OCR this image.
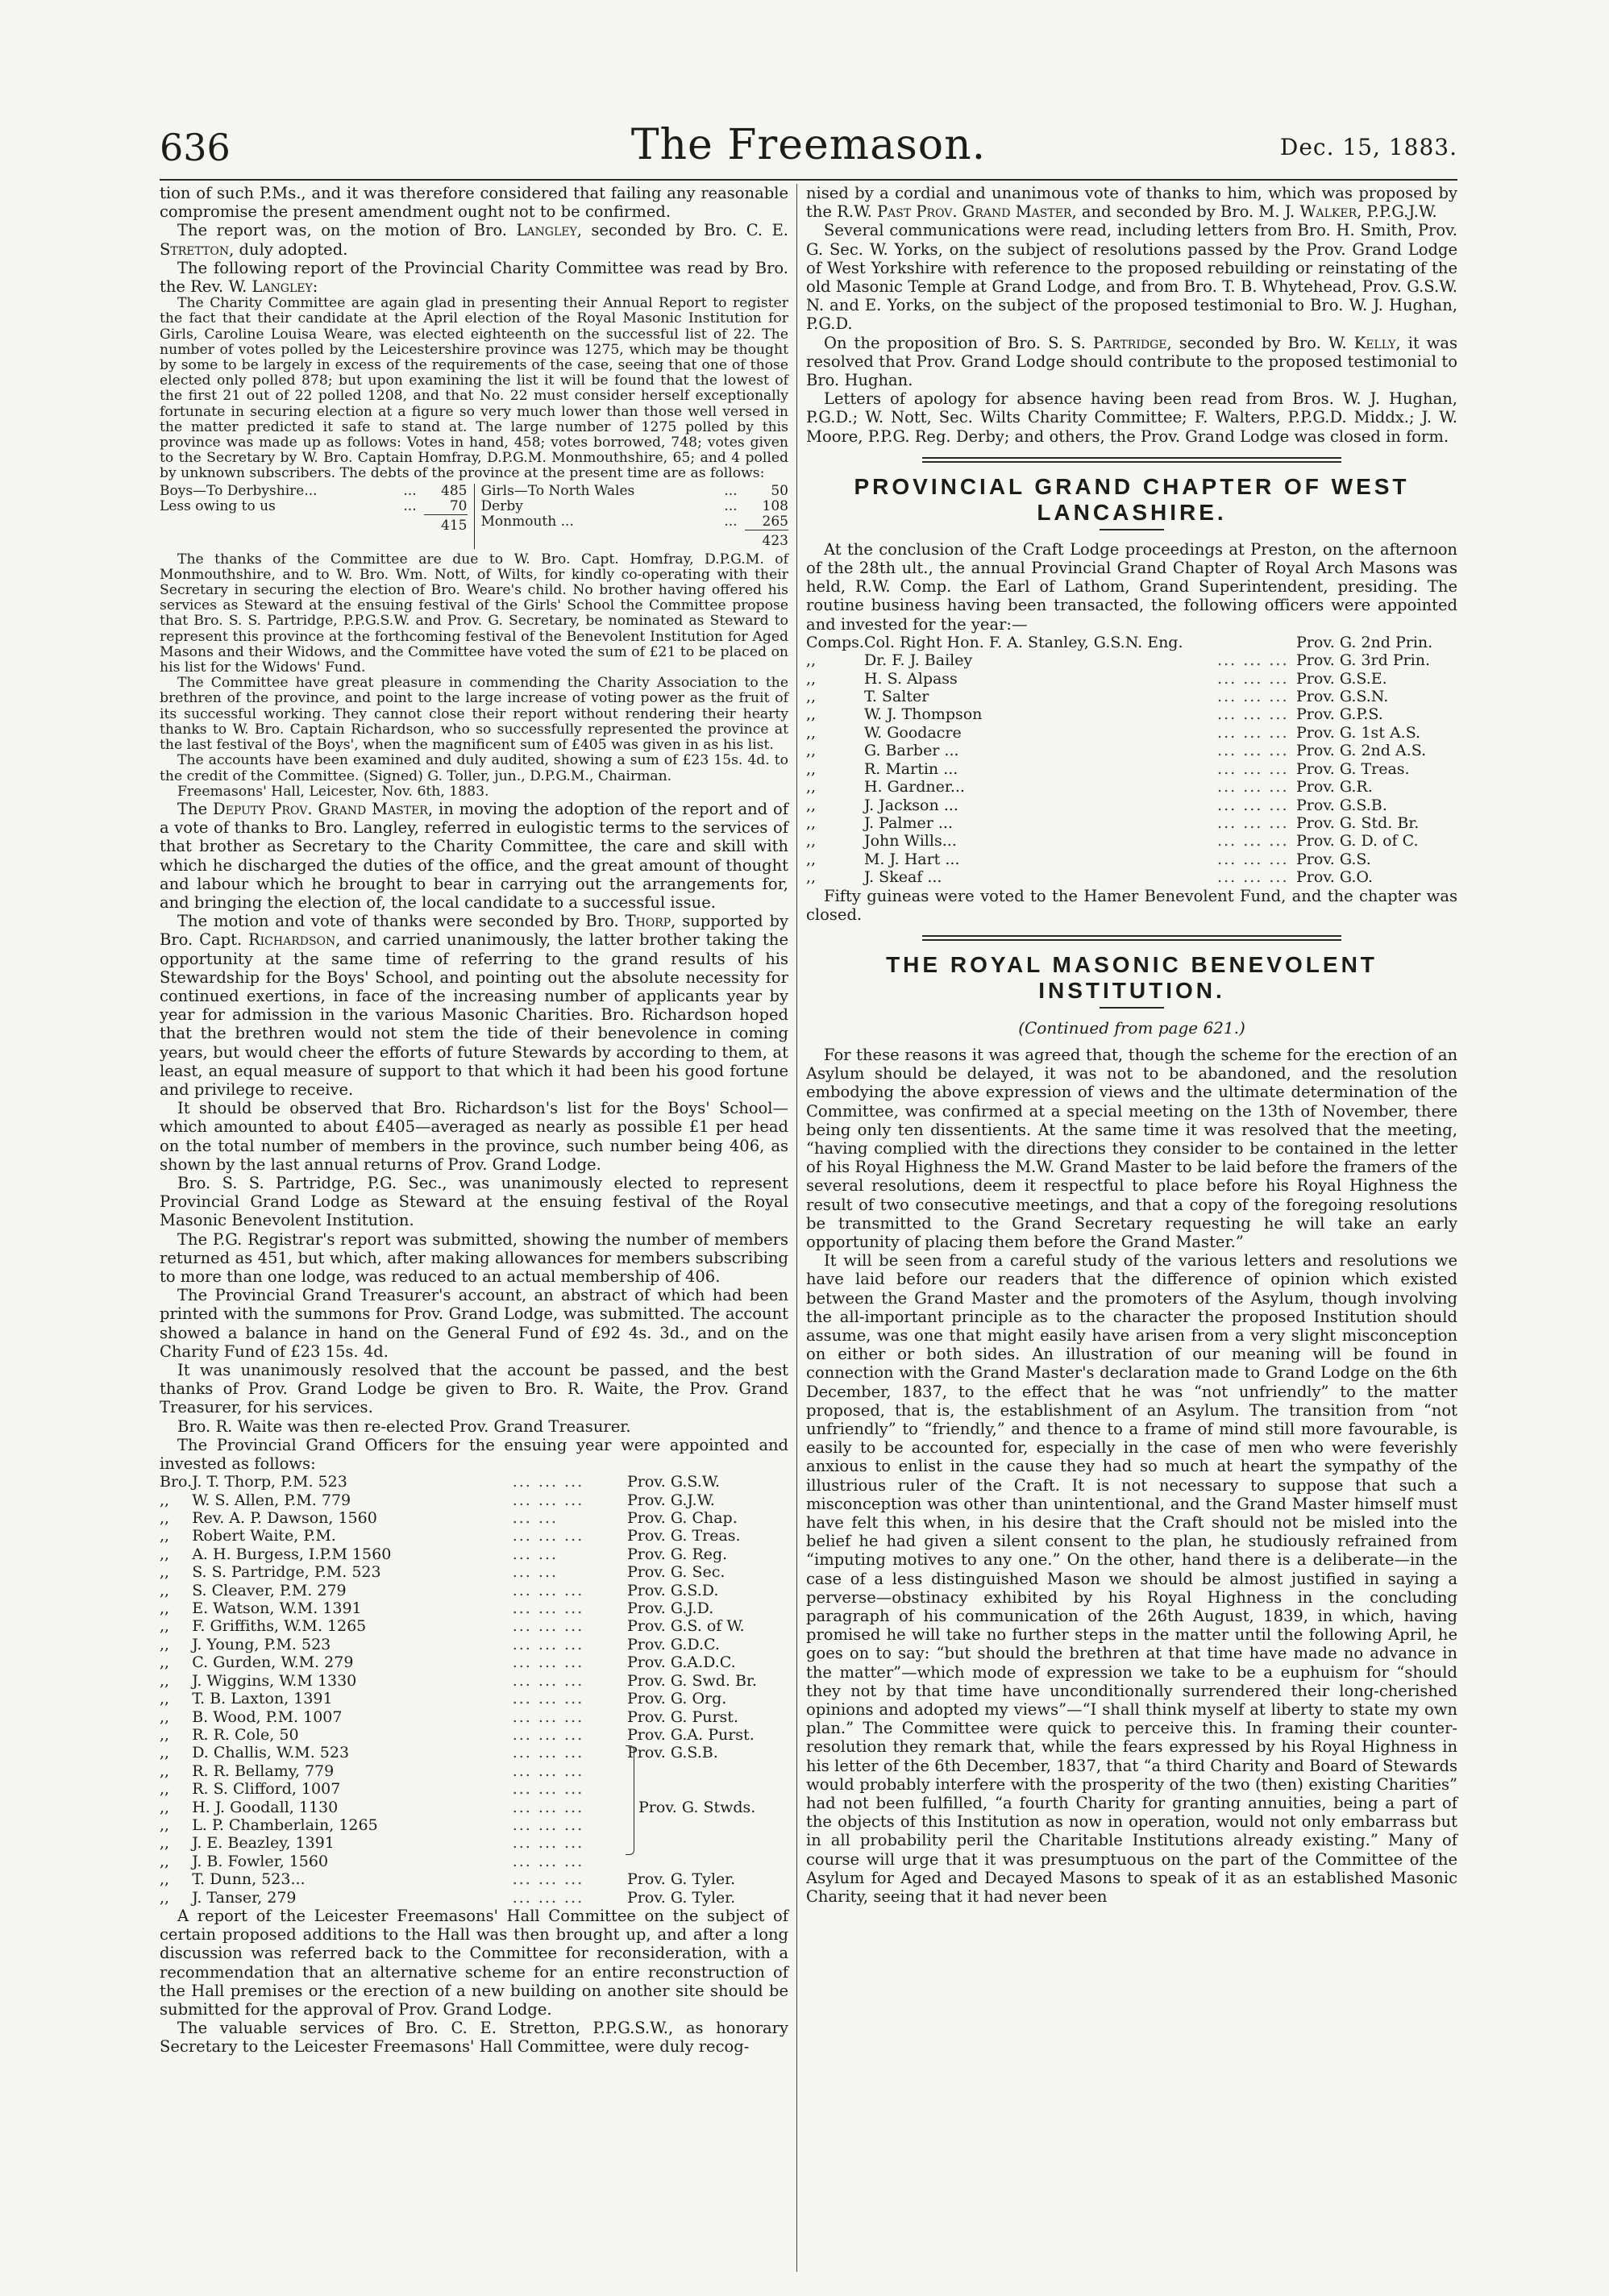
636	The Freemason.	Dec. 15, 1883.

tion of such P.Ms., and it was therefore considered that failing any reasonable compromise the present amendment ought not to be confirmed.

The report was, on the motion of Bro. Langley, seconded by Bro. C. E. Stretton, duly adopted.

The following report of the Provincial Charity Committee was read by Bro. the Rev. W. Langley:

The Charity Committee are again glad in presenting their Annual Report to register the fact that their candidate at the April election of the Royal Masonic Institution for Girls, Caroline Louisa Weare, was elected eighteenth on the successful list of 22. The number of votes polled by the Leicestershire province was 1275, which may be thought by some to be largely in excess of the requirements of the case, seeing that one of those elected only polled 878; but upon examining the list it will be found that the lowest of the first 21 out of 22 polled 1208, and that No. 22 must consider herself exceptionally fortunate in securing election at a figure so very much lower than those well versed in the matter predicted it safe to stand at. The large number of 1275 polled by this province was made up as follows: Votes in hand, 458; votes borrowed, 748; votes given to the Secretary by W. Bro. Captain Homfray, D.P.G.M. Monmouthshire, 65; and 4 polled by unknown subscribers. The debts of the province at the present time are as follows:

Boys—To Derbyshire...	...	485
Less owing to us	...	70
		415
Girls—To North Wales	...	50
Derby	...	108
Monmouth ...	...	265
		423

The thanks of the Committee are due to W. Bro. Capt. Homfray, D.P.G.M. of Monmouthshire, and to W. Bro. Wm. Nott, of Wilts, for kindly co-operating with their Secretary in securing the election of Bro. Weare's child. No brother having offered his services as Steward at the ensuing festival of the Girls' School the Committee propose that Bro. S. S. Partridge, P.P.G.S.W. and Prov. G. Secretary, be nominated as Steward to represent this province at the forthcoming festival of the Benevolent Institution for Aged Masons and their Widows, and the Committee have voted the sum of £21 to be placed on his list for the Widows' Fund.

The Committee have great pleasure in commending the Charity Association to the brethren of the province, and point to the large increase of voting power as the fruit of its successful working. They cannot close their report without rendering their hearty thanks to W. Bro. Captain Richardson, who so successfully represented the province at the last festival of the Boys', when the magnificent sum of £405 was given in as his list.

The accounts have been examined and duly audited, showing a sum of £23 15s. 4d. to the credit of the Committee. (Signed) G. Toller, jun., D.P.G.M., Chairman.

Freemasons' Hall, Leicester, Nov. 6th, 1883.

The Deputy Prov. Grand Master, in moving the adoption of the report and of a vote of thanks to Bro. Langley, referred in eulogistic terms to the services of that brother as Secretary to the Charity Committee, the care and skill with which he discharged the duties of the office, and the great amount of thought and labour which he brought to bear in carrying out the arrangements for, and bringing the election of, the local candidate to a successful issue.

The motion and vote of thanks were seconded by Bro. Thorp, supported by Bro. Capt. Richardson, and carried unanimously, the latter brother taking the opportunity at the same time of referring to the grand results of his Stewardship for the Boys' School, and pointing out the absolute necessity for continued exertions, in face of the increasing number of applicants year by year for admission in the various Masonic Charities. Bro. Richardson hoped that the brethren would not stem the tide of their benevolence in coming years, but would cheer the efforts of future Stewards by according to them, at least, an equal measure of support to that which it had been his good fortune and privilege to receive.

It should be observed that Bro. Richardson's list for the Boys' School—which amounted to about £405—averaged as nearly as possible £1 per head on the total number of members in the province, such number being 406, as shown by the last annual returns of Prov. Grand Lodge.

Bro. S. S. Partridge, P.G. Sec., was unanimously elected to represent Provincial Grand Lodge as Steward at the ensuing festival of the Royal Masonic Benevolent Institution.

The P.G. Registrar's report was submitted, showing the number of members returned as 451, but which, after making allowances for members subscribing to more than one lodge, was reduced to an actual membership of 406.

The Provincial Grand Treasurer's account, an abstract of which had been printed with the summons for Prov. Grand Lodge, was submitted. The account showed a balance in hand on the General Fund of £92 4s. 3d., and on the Charity Fund of £23 15s. 4d.

It was unanimously resolved that the account be passed, and the best thanks of Prov. Grand Lodge be given to Bro. R. Waite, the Prov. Grand Treasurer, for his services.

Bro. R. Waite was then re-elected Prov. Grand Treasurer.

The Provincial Grand Officers for the ensuing year were appointed and invested as follows:

Bro.	J. T. Thorp, P.M. 523	... ... ...	Prov. G.S.W.
,,	W. S. Allen, P.M. 779	... ... ...	Prov. G.J.W.
,,	Rev. A. P. Dawson, 1560	... ...	Prov. G. Chap.
,,	Robert Waite, P.M.	... ... ...	Prov. G. Treas.
,,	A. H. Burgess, I.P.M 1560	... ...	Prov. G. Reg.
,,	S. S. Partridge, P.M. 523	... ...	Prov. G. Sec.
,,	S. Cleaver, P.M. 279	... ... ...	Prov. G.S.D.
,,	E. Watson, W.M. 1391	... ... ...	Prov. G.J.D.
,,	F. Griffiths, W.M. 1265	... ... ...	Prov. G.S. of W.
,,	J. Young, P.M. 523	... ... ...	Prov. G.D.C.
,,	C. Gurden, W.M. 279	... ... ...	Prov. G.A.D.C.
,,	J. Wiggins, W.M 1330	... ... ...	Prov. G. Swd. Br.
,,	T. B. Laxton, 1391	... ... ...	Prov. G. Org.
,,	B. Wood, P.M. 1007	... ... ...	Prov. G. Purst.
,,	R. R. Cole, 50	... ... ...	Prov. G.A. Purst.
,,	D. Challis, W.M. 523	... ... ...	Prov. G.S.B.
,,	R. R. Bellamy, 779	... ... ...	
,,	R. S. Clifford, 1007	... ... ...	
,,	H. J. Goodall, 1130	... ... ...	Prov. G. Stwds.
,,	L. P. Chamberlain, 1265	... ... ...	
,,	J. E. Beazley, 1391	... ... ...	
,,	J. B. Fowler, 1560	... ... ...	
,,	T. Dunn, 523...	... ... ...	Prov. G. Tyler.
,,	J. Tanser, 279	... ... ...	Prov. G. Tyler.

A report of the Leicester Freemasons' Hall Committee on the subject of certain proposed additions to the Hall was then brought up, and after a long discussion was referred back to the Committee for reconsideration, with a recommendation that an alternative scheme for an entire reconstruction of the Hall premises or the erection of a new building on another site should be submitted for the approval of Prov. Grand Lodge.

The valuable services of Bro. C. E. Stretton, P.P.G.S.W., as honorary Secretary to the Leicester Freemasons' Hall Committee, were duly recog-

nised by a cordial and unanimous vote of thanks to him, which was proposed by the R.W. Past Prov. Grand Master, and seconded by Bro. M. J. Walker, P.P.G.J.W.

Several communications were read, including letters from Bro. H. Smith, Prov. G. Sec. W. Yorks, on the subject of resolutions passed by the Prov. Grand Lodge of West Yorkshire with reference to the proposed rebuilding or reinstating of the old Masonic Temple at Grand Lodge, and from Bro. T. B. Whytehead, Prov. G.S.W. N. and E. Yorks, on the subject of the proposed testimonial to Bro. W. J. Hughan, P.G.D.

On the proposition of Bro. S. S. Partridge, seconded by Bro. W. Kelly, it was resolved that Prov. Grand Lodge should contribute to the proposed testimonial to Bro. Hughan.

Letters of apology for absence having been read from Bros. W. J. Hughan, P.G.D.; W. Nott, Sec. Wilts Charity Committee; F. Walters, P.P.G.D. Middx.; J. W. Moore, P.P.G. Reg. Derby; and others, the Prov. Grand Lodge was closed in form.

PROVINCIAL GRAND CHAPTER OF WEST LANCASHIRE.

At the conclusion of the Craft Lodge proceedings at Preston, on the afternoon of the 28th ult., the annual Provincial Grand Chapter of Royal Arch Masons was held, R.W. Comp. the Earl of Lathom, Grand Superintendent, presiding. The routine business having been transacted, the following officers were appointed and invested for the year:—

Comps.	Col. Right Hon. F. A. Stanley, G.S.N. Eng.		Prov. G. 2nd Prin.
,,	Dr. F. J. Bailey	... ... ...	Prov. G. 3rd Prin.
,,	H. S. Alpass	... ... ...	Prov. G.S.E.
,,	T. Salter	... ... ...	Prov. G.S.N.
,,	W. J. Thompson	... ... ...	Prov. G.P.S.
,,	W. Goodacre	... ... ...	Prov. G. 1st A.S.
,,	G. Barber ...	... ... ...	Prov. G. 2nd A.S.
,,	R. Martin ...	... ... ...	Prov. G. Treas.
,,	H. Gardner...	... ... ...	Prov. G.R.
,,	J. Jackson ...	... ... ...	Prov. G.S.B.
,,	J. Palmer ...	... ... ...	Prov. G. Std. Br.
,,	John Wills...	... ... ...	Prov. G. D. of C.
,,	M. J. Hart ...	... ... ...	Prov. G.S.
,,	J. Skeaf ...	... ... ...	Prov. G.O.

Fifty guineas were voted to the Hamer Benevolent Fund, and the chapter was closed.

THE ROYAL MASONIC BENEVOLENT INSTITUTION.
(Continued from page 621.)

For these reasons it was agreed that, though the scheme for the erection of an Asylum should be delayed, it was not to be abandoned, and the resolution embodying the above expression of views and the ultimate determination of the Committee, was confirmed at a special meeting on the 13th of November, there being only ten dissentients. At the same time it was resolved that the meeting, “having complied with the directions they consider to be contained in the letter of his Royal Highness the M.W. Grand Master to be laid before the framers of the several resolutions, deem it respectful to place before his Royal Highness the result of two consecutive meetings, and that a copy of the foregoing resolutions be transmitted to the Grand Secretary requesting he will take an early opportunity of placing them before the Grand Master.”

It will be seen from a careful study of the various letters and resolutions we have laid before our readers that the difference of opinion which existed between the Grand Master and the promoters of the Asylum, though involving the all-important principle as to the character the proposed Institution should assume, was one that might easily have arisen from a very slight misconception on either or both sides. An illustration of our meaning will be found in connection with the Grand Master's declaration made to Grand Lodge on the 6th December, 1837, to the effect that he was “not unfriendly” to the matter proposed, that is, the establishment of an Asylum. The transition from “not unfriendly” to “friendly,” and thence to a frame of mind still more favourable, is easily to be accounted for, especially in the case of men who were feverishly anxious to enlist in the cause they had so much at heart the sympathy of the illustrious ruler of the Craft. It is not necessary to suppose that such a misconception was other than unintentional, and the Grand Master himself must have felt this when, in his desire that the Craft should not be misled into the belief he had given a silent consent to the plan, he studiously refrained from “imputing motives to any one.” On the other, hand there is a deliberate—in the case of a less distinguished Mason we should be almost justified in saying a perverse—obstinacy exhibited by his Royal Highness in the concluding paragraph of his communication of the 26th August, 1839, in which, having promised he will take no further steps in the matter until the following April, he goes on to say: “but should the brethren at that time have made no advance in the matter”—which mode of expression we take to be a euphuism for “should they not by that time have unconditionally surrendered their long-cherished opinions and adopted my views”—“I shall think myself at liberty to state my own plan.” The Committee were quick to perceive this. In framing their counter-resolution they remark that, while the fears expressed by his Royal Highness in his letter of the 6th December, 1837, that “a third Charity and Board of Stewards would probably interfere with the prosperity of the two (then) existing Charities” had not been fulfilled, “a fourth Charity for granting annuities, being a part of the objects of this Institution as now in operation, would not only embarrass but in all probability peril the Charitable Institutions already existing.” Many of course will urge that it was presumptuous on the part of the Committee of the Asylum for Aged and Decayed Masons to speak of it as an established Masonic Charity, seeing that it had never been
